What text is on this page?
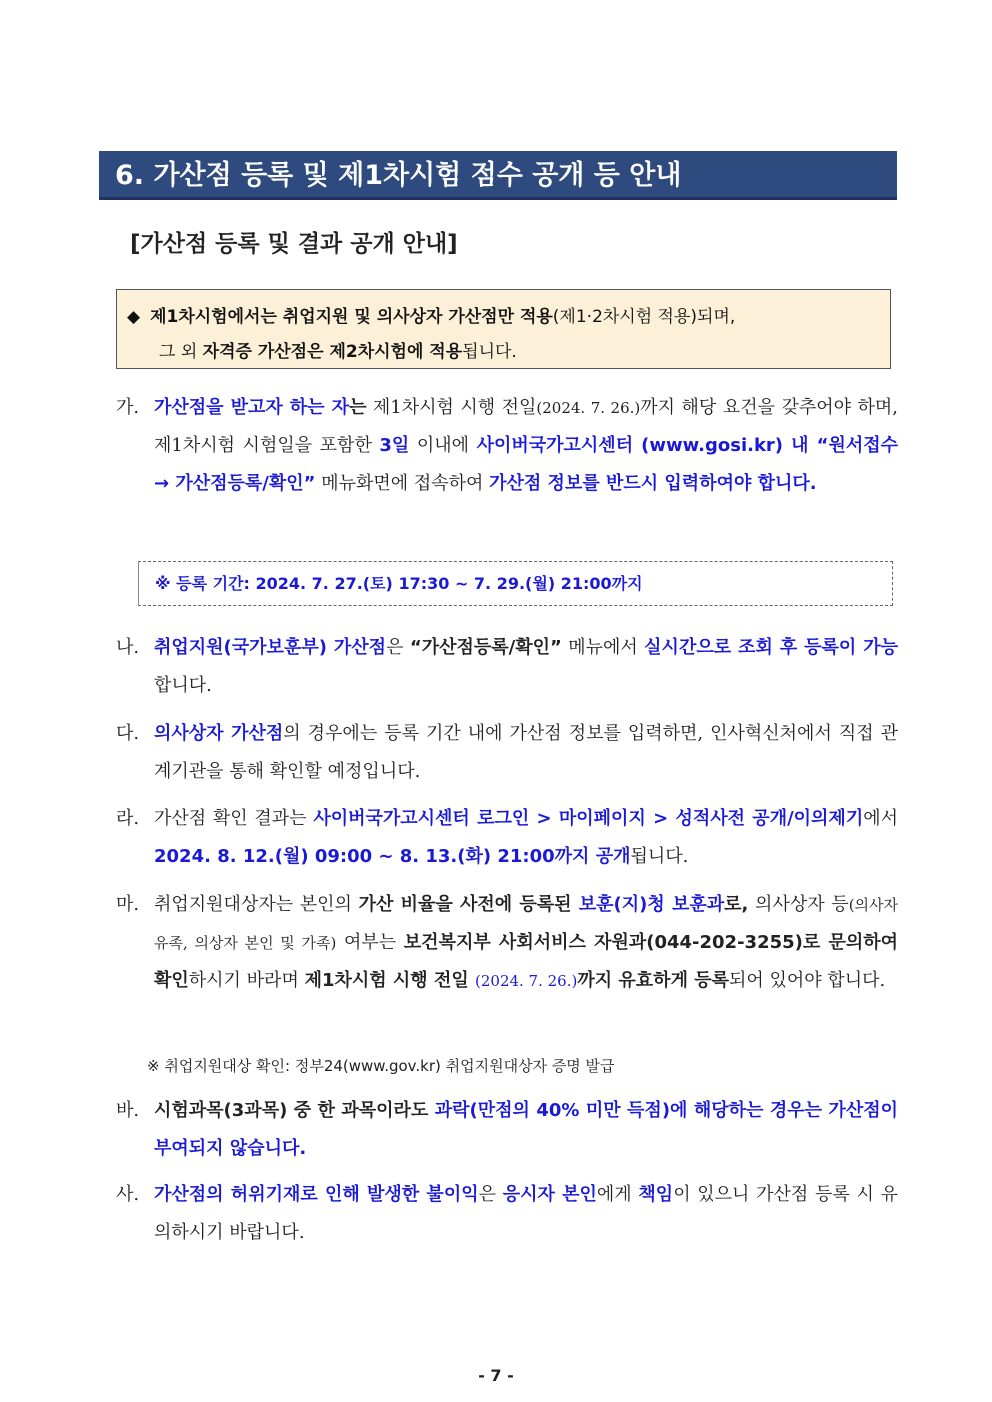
6. 가산점 등록 및 제1차시험 점수 공개 등 안내
[가산점 등록 및 결과 공개 안내]
◆ 제1차시험에서는 취업지원 및 의사상자 가산점만 적용(제1·2차시험 적용)되며,
그 외 자격증 가산점은 제2차시험에 적용됩니다.
가. 가산점을 받고자 하는 자는 제1차시험 시행 전일(2024. 7. 26.)까지 해당 요건을 갖추어야 하며, 제1차시험 시험일을 포함한 3일 이내에 사이버국가고시센터 (www.gosi.kr) 내 “원서접수 → 가산점등록/확인” 메뉴화면에 접속하여 가산점 정보를 반드시 입력하여야 합니다.
※ 등록 기간: 2024. 7. 27.(토) 17:30 ~ 7. 29.(월) 21:00까지
나. 취업지원(국가보훈부) 가산점은 “가산점등록/확인” 메뉴에서 실시간으로 조회 후 등록이 가능합니다.
다. 의사상자 가산점의 경우에는 등록 기간 내에 가산점 정보를 입력하면, 인사혁신처에서 직접 관계기관을 통해 확인할 예정입니다.
라. 가산점 확인 결과는 사이버국가고시센터 로그인 > 마이페이지 > 성적사전 공개/이의제기에서 2024. 8. 12.(월) 09:00 ∼ 8. 13.(화) 21:00까지 공개됩니다.
마. 취업지원대상자는 본인의 가산 비율을 사전에 등록된 보훈(지)청 보훈과로, 의사상자 등(의사자 유족, 의상자 본인 및 가족) 여부는 보건복지부 사회서비스 자원과(044-202-3255)로 문의하여 확인하시기 바라며 제1차시험 시행 전일 (2024. 7. 26.)까지 유효하게 등록되어 있어야 합니다.
※ 취업지원대상 확인: 정부24(www.gov.kr) 취업지원대상자 증명 발급
바. 시험과목(3과목) 중 한 과목이라도 과락(만점의 40% 미만 득점)에 해당하는 경우는 가산점이 부여되지 않습니다.
사. 가산점의 허위기재로 인해 발생한 불이익은 응시자 본인에게 책임이 있으니 가산점 등록 시 유의하시기 바랍니다.
- 7 -
